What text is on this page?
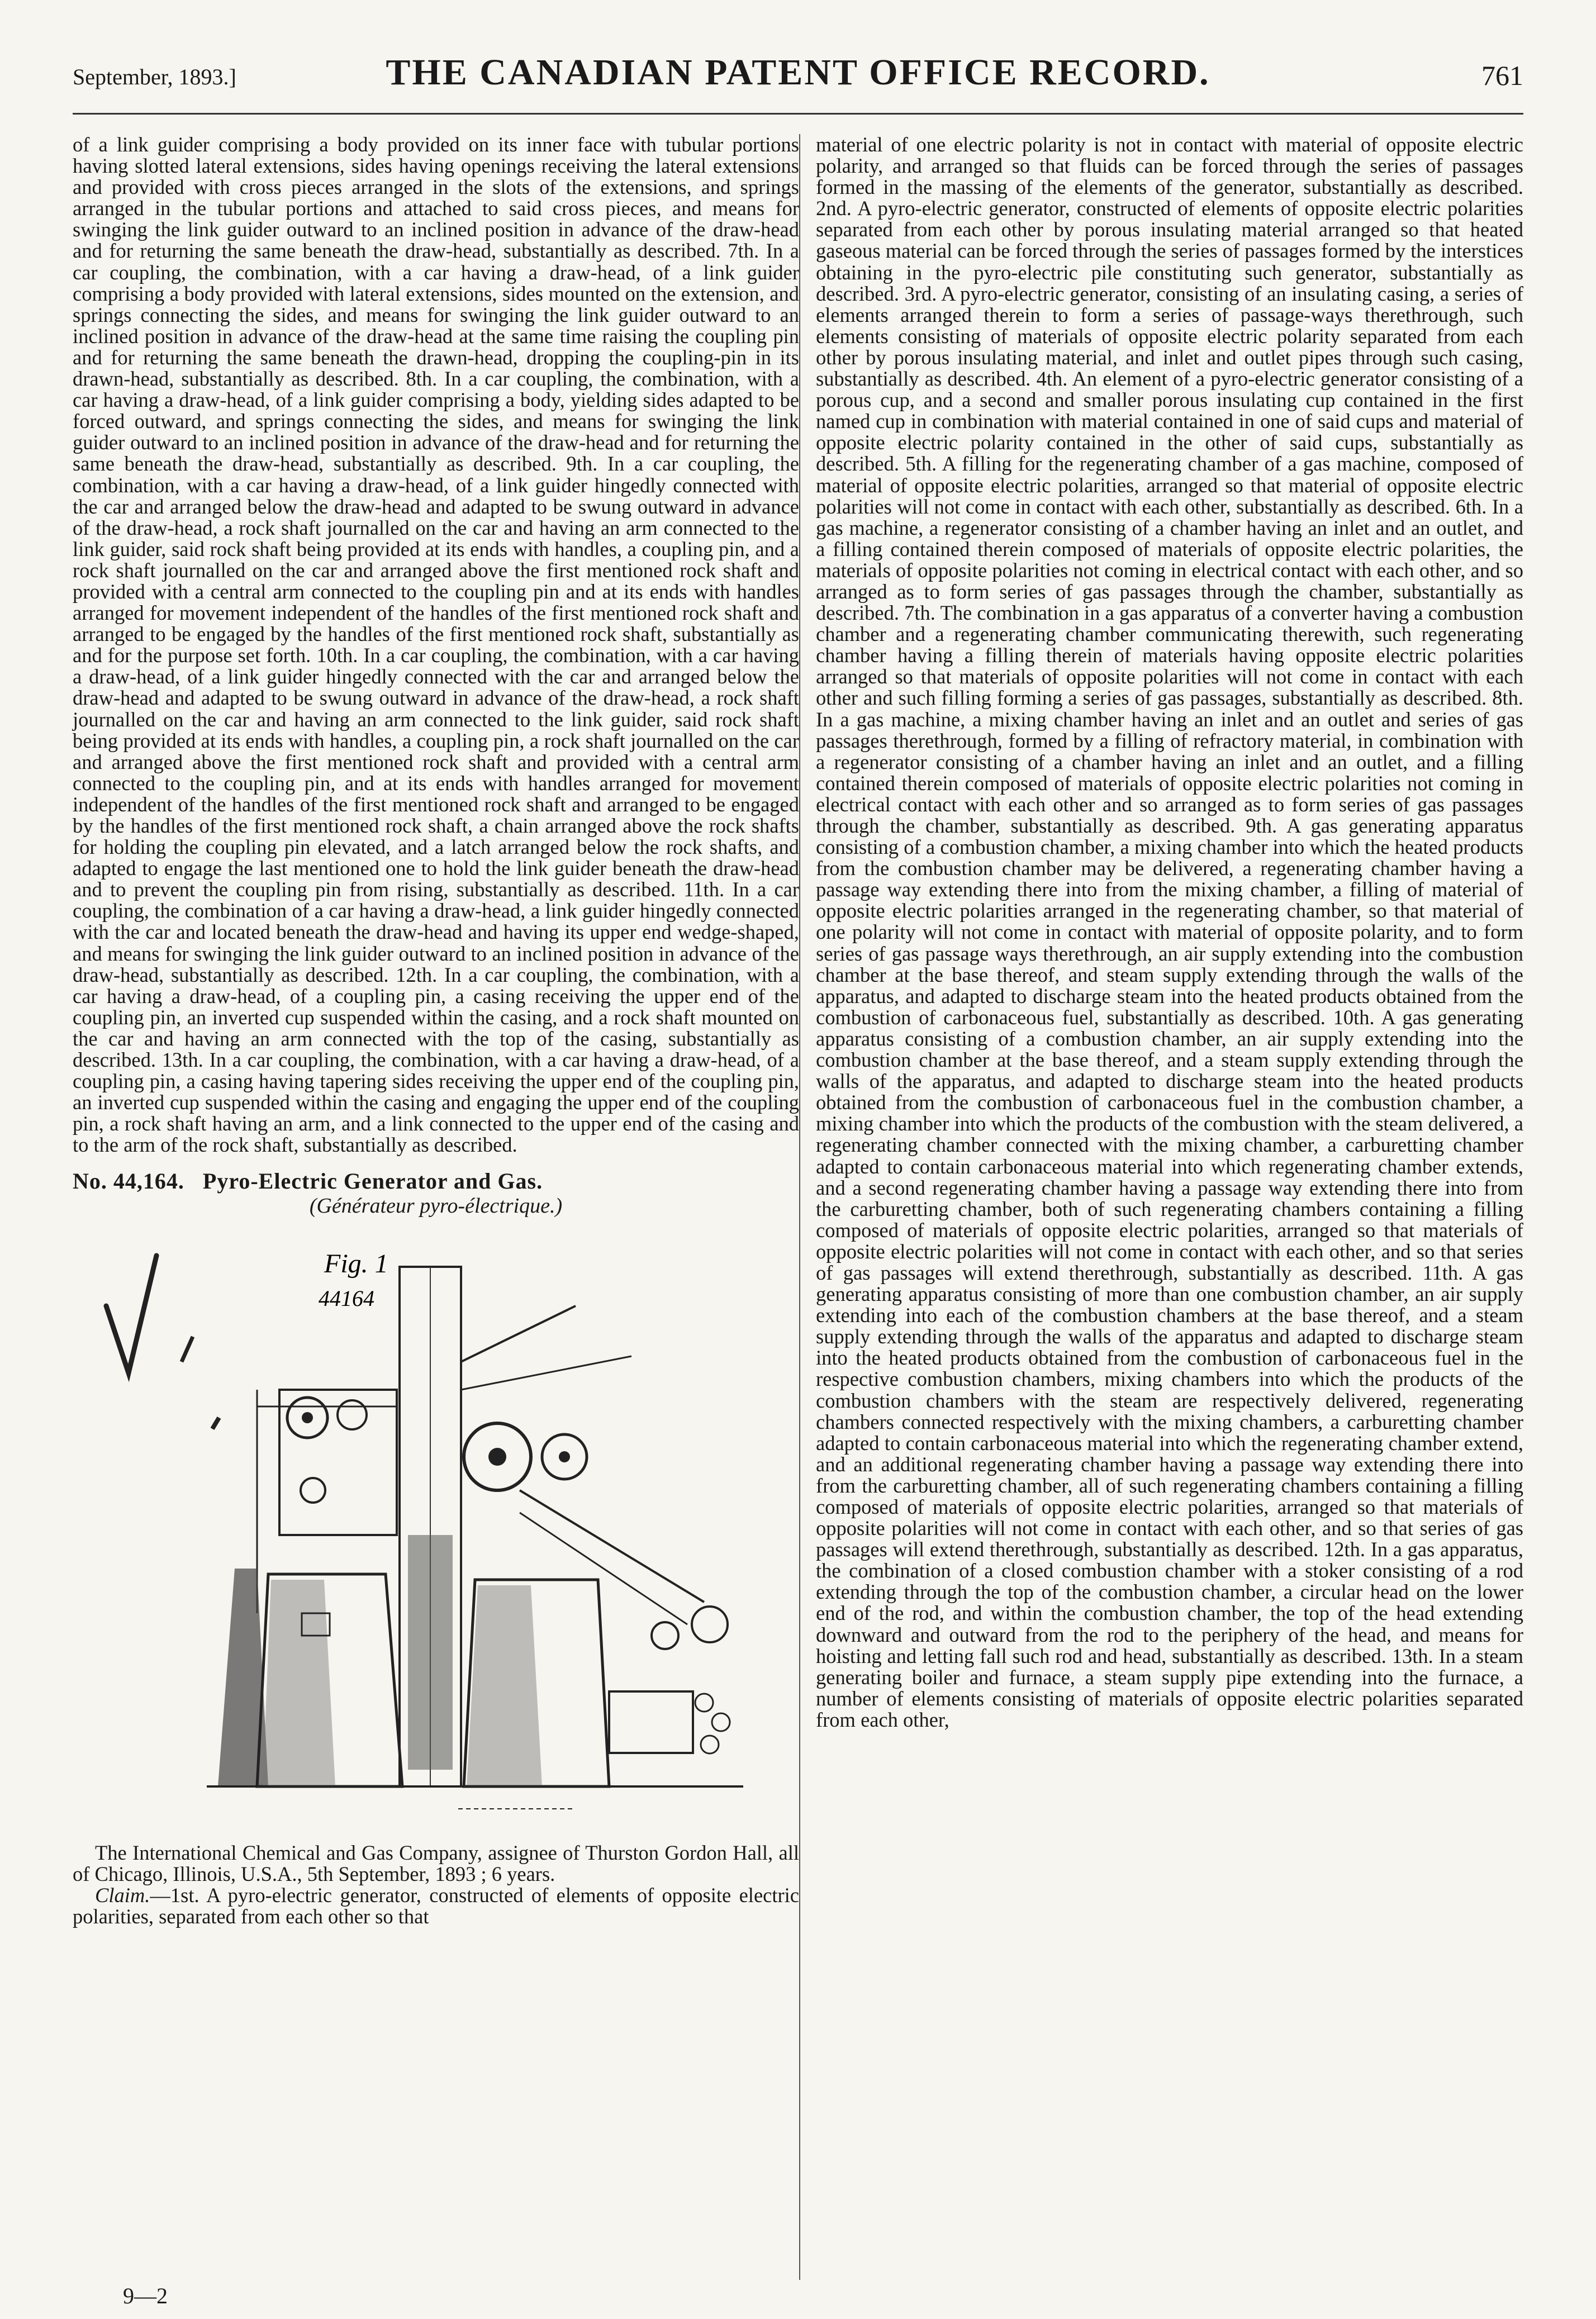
September, 1893.]	THE CANADIAN PATENT OFFICE RECORD.	761

of a link guider comprising a body provided on its inner face with tubular portions having slotted lateral extensions, sides having openings receiving the lateral extensions and provided with cross pieces arranged in the slots of the extensions, and springs arranged in the tubular portions and attached to said cross pieces, and means for swinging the link guider outward to an inclined position in advance of the draw-head and for returning the same beneath the draw-head, substantially as described. 7th. In a car coupling, the combination, with a car having a draw-head, of a link guider comprising a body provided with lateral extensions, sides mounted on the extension, and springs connecting the sides, and means for swinging the link guider outward to an inclined position in advance of the draw-head at the same time raising the coupling pin and for returning the same beneath the drawn-head, dropping the coupling-pin in its drawn-head, substantially as described. 8th. In a car coupling, the combination, with a car having a draw-head, of a link guider comprising a body, yielding sides adapted to be forced outward, and springs connecting the sides, and means for swinging the link guider outward to an inclined position in advance of the draw-head and for returning the same beneath the draw-head, substantially as described. 9th. In a car coupling, the combination, with a car having a draw-head, of a link guider hingedly connected with the car and arranged below the draw-head and adapted to be swung outward in advance of the draw-head, a rock shaft journalled on the car and having an arm connected to the link guider, said rock shaft being provided at its ends with handles, a coupling pin, and a rock shaft journalled on the car and arranged above the first mentioned rock shaft and provided with a central arm connected to the coupling pin and at its ends with handles arranged for movement independent of the handles of the first mentioned rock shaft and arranged to be engaged by the handles of the first mentioned rock shaft, substantially as and for the purpose set forth. 10th. In a car coupling, the combination, with a car having a draw-head, of a link guider hingedly connected with the car and arranged below the draw-head and adapted to be swung outward in advance of the draw-head, a rock shaft journalled on the car and having an arm connected to the link guider, said rock shaft being provided at its ends with handles, a coupling pin, a rock shaft journalled on the car and arranged above the first mentioned rock shaft and provided with a central arm connected to the coupling pin, and at its ends with handles arranged for movement independent of the handles of the first mentioned rock shaft and arranged to be engaged by the handles of the first mentioned rock shaft, a chain arranged above the rock shafts for holding the coupling pin elevated, and a latch arranged below the rock shafts, and adapted to engage the last mentioned one to hold the link guider beneath the draw-head and to prevent the coupling pin from rising, substantially as described. 11th. In a car coupling, the combination of a car having a draw-head, a link guider hingedly connected with the car and located beneath the draw-head and having its upper end wedge-shaped, and means for swinging the link guider outward to an inclined position in advance of the draw-head, substantially as described. 12th. In a car coupling, the combination, with a car having a draw-head, of a coupling pin, a casing receiving the upper end of the coupling pin, an inverted cup suspended within the casing, and a rock shaft mounted on the car and having an arm connected with the top of the casing, substantially as described. 13th. In a car coupling, the combination, with a car having a draw-head, of a coupling pin, a casing having tapering sides receiving the upper end of the coupling pin, an inverted cup suspended within the casing and engaging the upper end of the coupling pin, a rock shaft having an arm, and a link connected to the upper end of the casing and to the arm of the rock shaft, substantially as described.

No. 44,164. Pyro-Electric Generator and Gas.

(Générateur pyro-électrique.)

Fig. 1
44164

The International Chemical and Gas Company, assignee of Thurston Gordon Hall, all of Chicago, Illinois, U.S.A., 5th September, 1893 ; 6 years.

Claim.—1st. A pyro-electric generator, constructed of elements of opposite electric polarities, separated from each other so that

material of one electric polarity is not in contact with material of opposite electric polarity, and arranged so that fluids can be forced through the series of passages formed in the massing of the elements of the generator, substantially as described. 2nd. A pyro-electric generator, constructed of elements of opposite electric polarities separated from each other by porous insulating material arranged so that heated gaseous material can be forced through the series of passages formed by the interstices obtaining in the pyro-electric pile constituting such generator, substantially as described. 3rd. A pyro-electric generator, consisting of an insulating casing, a series of elements arranged therein to form a series of passage-ways therethrough, such elements consisting of materials of opposite electric polarity separated from each other by porous insulating material, and inlet and outlet pipes through such casing, substantially as described. 4th. An element of a pyro-electric generator consisting of a porous cup, and a second and smaller porous insulating cup contained in the first named cup in combination with material contained in one of said cups and material of opposite electric polarity contained in the other of said cups, substantially as described. 5th. A filling for the regenerating chamber of a gas machine, composed of material of opposite electric polarities, arranged so that material of opposite electric polarities will not come in contact with each other, substantially as described. 6th. In a gas machine, a regenerator consisting of a chamber having an inlet and an outlet, and a filling contained therein composed of materials of opposite electric polarities, the materials of opposite polarities not coming in electrical contact with each other, and so arranged as to form series of gas passages through the chamber, substantially as described. 7th. The combination in a gas apparatus of a converter having a combustion chamber and a regenerating chamber communicating therewith, such regenerating chamber having a filling therein of materials having opposite electric polarities arranged so that materials of opposite polarities will not come in contact with each other and such filling forming a series of gas passages, substantially as described. 8th. In a gas machine, a mixing chamber having an inlet and an outlet and series of gas passages therethrough, formed by a filling of refractory material, in combination with a regenerator consisting of a chamber having an inlet and an outlet, and a filling contained therein composed of materials of opposite electric polarities not coming in electrical contact with each other and so arranged as to form series of gas passages through the chamber, substantially as described. 9th. A gas generating apparatus consisting of a combustion chamber, a mixing chamber into which the heated products from the combustion chamber may be delivered, a regenerating chamber having a passage way extending there into from the mixing chamber, a filling of material of opposite electric polarities arranged in the regenerating chamber, so that material of one polarity will not come in contact with material of opposite polarity, and to form series of gas passage ways therethrough, an air supply extending into the combustion chamber at the base thereof, and steam supply extending through the walls of the apparatus, and adapted to discharge steam into the heated products obtained from the combustion of carbonaceous fuel, substantially as described. 10th. A gas generating apparatus consisting of a combustion chamber, an air supply extending into the combustion chamber at the base thereof, and a steam supply extending through the walls of the apparatus, and adapted to discharge steam into the heated products obtained from the combustion of carbonaceous fuel in the combustion chamber, a mixing chamber into which the products of the combustion with the steam delivered, a regenerating chamber connected with the mixing chamber, a carburetting chamber adapted to contain carbonaceous material into which regenerating chamber extends, and a second regenerating chamber having a passage way extending there into from the carburetting chamber, both of such regenerating chambers containing a filling composed of materials of opposite electric polarities, arranged so that materials of opposite electric polarities will not come in contact with each other, and so that series of gas passages will extend therethrough, substantially as described. 11th. A gas generating apparatus consisting of more than one combustion chamber, an air supply extending into each of the combustion chambers at the base thereof, and a steam supply extending through the walls of the apparatus and adapted to discharge steam into the heated products obtained from the combustion of carbonaceous fuel in the respective combustion chambers, mixing chambers into which the products of the combustion chambers with the steam are respectively delivered, regenerating chambers connected respectively with the mixing chambers, a carburetting chamber adapted to contain carbonaceous material into which the regenerating chamber extend, and an additional regenerating chamber having a passage way extending there into from the carburetting chamber, all of such regenerating chambers containing a filling composed of materials of opposite electric polarities, arranged so that materials of opposite polarities will not come in contact with each other, and so that series of gas passages will extend therethrough, substantially as described. 12th. In a gas apparatus, the combination of a closed combustion chamber with a stoker consisting of a rod extending through the top of the combustion chamber, a circular head on the lower end of the rod, and within the combustion chamber, the top of the head extending downward and outward from the rod to the periphery of the head, and means for hoisting and letting fall such rod and head, substantially as described. 13th. In a steam generating boiler and furnace, a steam supply pipe extending into the furnace, a number of elements consisting of materials of opposite electric polarities separated from each other,

9—2
